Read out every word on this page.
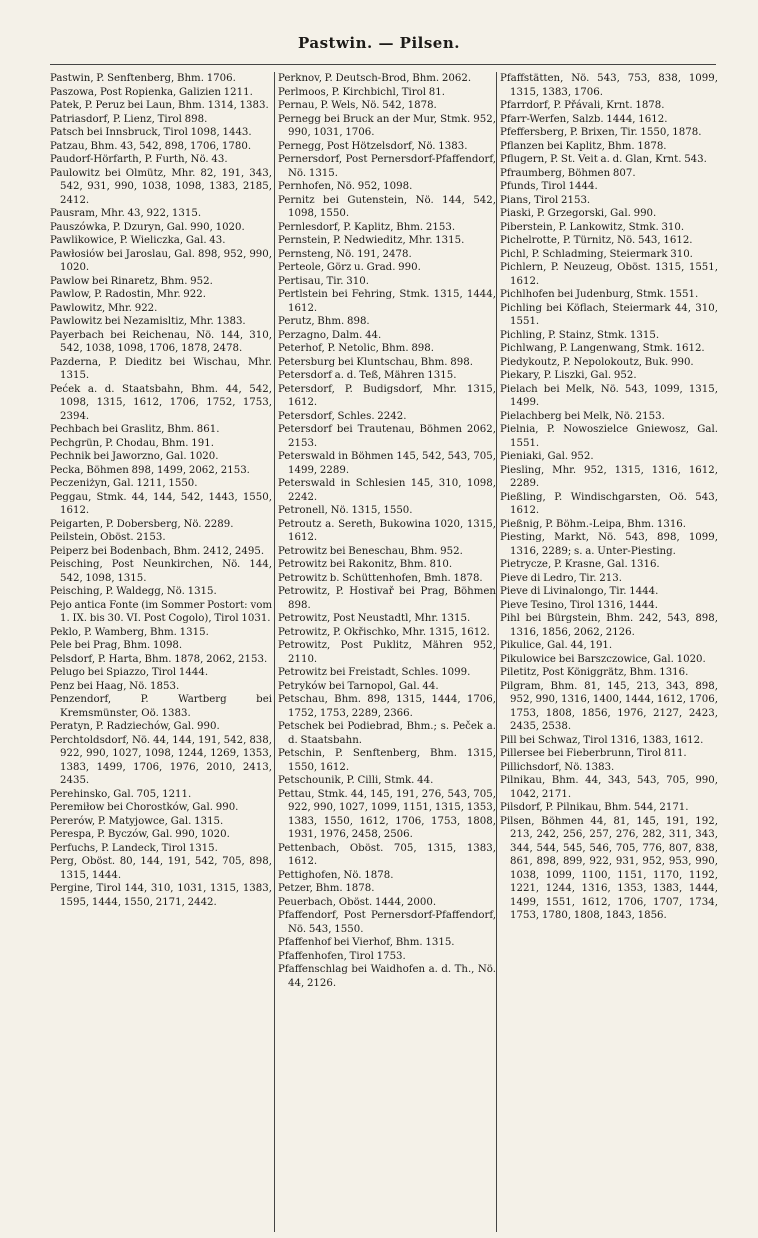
Pastwin. — Pilsen.

Pastwin, P. Senftenberg, Bhm. 1706.

Paszowa, Post Ropienka, Galizien 1211.

Patek, P. Peruz bei Laun, Bhm. 1314, 1383.

Patriasdorf, P. Lienz, Tirol 898.

Patsch bei Innsbruck, Tirol 1098, 1443.

Patzau, Bhm. 43, 542, 898, 1706, 1780.

Paudorf-Hörfarth, P. Furth, Nö. 43.

Paulowitz bei Olmütz, Mhr. 82, 191, 343, 542, 931, 990, 1038, 1098, 1383, 2185, 2412.

Pausram, Mhr. 43, 922, 1315.

Pauszówka, P. Dzuryn, Gal. 990, 1020.

Pawlikowice, P. Wieliczka, Gal. 43.

Pawłosiów bei Jaroslau, Gal. 898, 952, 990, 1020.

Pawlow bei Rinaretz, Bhm. 952.

Pawlow, P. Radostin, Mhr. 922.

Pawlowitz, Mhr. 922.

Pawlowitz bei Nezamisltiz, Mhr. 1383.

Payerbach bei Reichenau, Nö. 144, 310, 542, 1038, 1098, 1706, 1878, 2478.

Pazderna, P. Dieditz bei Wischau, Mhr. 1315.

Pećek a. d. Staatsbahn, Bhm. 44, 542, 1098, 1315, 1612, 1706, 1752, 1753, 2394.

Pechbach bei Graslitz, Bhm. 861.

Pechgrün, P. Chodau, Bhm. 191.

Pechnik bei Jaworzno, Gal. 1020.

Pecka, Böhmen 898, 1499, 2062, 2153.

Peczeniżyn, Gal. 1211, 1550.

Peggau, Stmk. 44, 144, 542, 1443, 1550, 1612.

Peigarten, P. Dobersberg, Nö. 2289.

Peilstein, Oböst. 2153.

Peiperz bei Bodenbach, Bhm. 2412, 2495.

Peisching, Post Neunkirchen, Nö. 144, 542, 1098, 1315.

Peisching, P. Waldegg, Nö. 1315.

Pejo antica Fonte (im Sommer Postort: vom 1. IX. bis 30. VI. Post Cogolo), Tirol 1031.

Peklo, P. Wamberg, Bhm. 1315.

Pele bei Prag, Bhm. 1098.

Pelsdorf, P. Harta, Bhm. 1878, 2062, 2153.

Pelugo bei Spiazzo, Tirol 1444.

Penz bei Haag, Nö. 1853.

Penzendorf, P. Wartberg bei Kremsmünster, Oö. 1383.

Peratyn, P. Radziechów, Gal. 990.

Perchtoldsdorf, Nö. 44, 144, 191, 542, 838, 922, 990, 1027, 1098, 1244, 1269, 1353, 1383, 1499, 1706, 1976, 2010, 2413, 2435.

Perehinsko, Gal. 705, 1211.

Peremiłow bei Chorostków, Gal. 990.

Pererów, P. Matyjowce, Gal. 1315.

Perespa, P. Byczów, Gal. 990, 1020.

Perfuchs, P. Landeck, Tirol 1315.

Perg, Oböst. 80, 144, 191, 542, 705, 898, 1315, 1444.

Pergine, Tirol 144, 310, 1031, 1315, 1383, 1595, 1444, 1550, 2171, 2442.

Perknov, P. Deutsch-Brod, Bhm. 2062.

Perlmoos, P. Kirchbichl, Tirol 81.

Pernau, P. Wels, Nö. 542, 1878.

Pernegg bei Bruck an der Mur, Stmk. 952, 990, 1031, 1706.

Pernegg, Post Hötzelsdorf, Nö. 1383.

Pernersdorf, Post Pernersdorf-Pfaffendorf, Nö. 1315.

Pernhofen, Nö. 952, 1098.

Pernitz bei Gutenstein, Nö. 144, 542, 1098, 1550.

Pernlesdorf, P. Kaplitz, Bhm. 2153.

Pernstein, P. Nedwieditz, Mhr. 1315.

Pernsteng, Nö. 191, 2478.

Perteole, Görz u. Grad. 990.

Pertisau, Tir. 310.

Pertlstein bei Fehring, Stmk. 1315, 1444, 1612.

Perutz, Bhm. 898.

Perzagno, Dalm. 44.

Peterhof, P. Netolic, Bhm. 898.

Petersburg bei Kluntschau, Bhm. 898.

Petersdorf a. d. Teß, Mähren 1315.

Petersdorf, P. Budigsdorf, Mhr. 1315, 1612.

Petersdorf, Schles. 2242.

Petersdorf bei Trautenau, Böhmen 2062, 2153.

Peterswald in Böhmen 145, 542, 543, 705, 1499, 2289.

Peterswald in Schlesien 145, 310, 1098, 2242.

Petronell, Nö. 1315, 1550.

Petroutz a. Sereth, Bukowina 1020, 1315, 1612.

Petrowitz bei Beneschau, Bhm. 952.

Petrowitz bei Rakonitz, Bhm. 810.

Petrowitz b. Schüttenhofen, Bmh. 1878.

Petrowitz, P. Hostivař bei Prag, Böhmen 898.

Petrowitz, Post Neustadtl, Mhr. 1315.

Petrowitz, P. Okřischko, Mhr. 1315, 1612.

Petrowitz, Post Puklitz, Mähren 952, 2110.

Petrowitz bei Freistadt, Schles. 1099.

Petryków bei Tarnopol, Gal. 44.

Petschau, Bhm. 898, 1315, 1444, 1706, 1752, 1753, 2289, 2366.

Petschek bei Podiebrad, Bhm.; s. Peček a. d. Staatsbahn.

Petschin, P. Senftenberg, Bhm. 1315, 1550, 1612.

Petschounik, P. Cilli, Stmk. 44.

Pettau, Stmk. 44, 145, 191, 276, 543, 705, 922, 990, 1027, 1099, 1151, 1315, 1353, 1383, 1550, 1612, 1706, 1753, 1808, 1931, 1976, 2458, 2506.

Pettenbach, Oböst. 705, 1315, 1383, 1612.

Pettighofen, Nö. 1878.

Petzer, Bhm. 1878.

Peuerbach, Oböst. 1444, 2000.

Pfaffendorf, Post Pernersdorf-Pfaffendorf, Nö. 543, 1550.

Pfaffenhof bei Vierhof, Bhm. 1315.

Pfaffenhofen, Tirol 1753.

Pfaffenschlag bei Waidhofen a. d. Th., Nö. 44, 2126.

Pfaffstätten, Nö. 543, 753, 838, 1099, 1315, 1383, 1706.

Pfarrdorf, P. Přávali, Krnt. 1878.

Pfarr-Werfen, Salzb. 1444, 1612.

Pfeffersberg, P. Brixen, Tir. 1550, 1878.

Pflanzen bei Kaplitz, Bhm. 1878.

Pflugern, P. St. Veit a. d. Glan, Krnt. 543.

Pfraumberg, Böhmen 807.

Pfunds, Tirol 1444.

Pians, Tirol 2153.

Piaski, P. Grzegorski, Gal. 990.

Piberstein, P. Lankowitz, Stmk. 310.

Pichelrotte, P. Türnitz, Nö. 543, 1612.

Pichl, P. Schladming, Steiermark 310.

Pichlern, P. Neuzeug, Oböst. 1315, 1551, 1612.

Pichlhofen bei Judenburg, Stmk. 1551.

Pichling bei Köflach, Steiermark 44, 310, 1551.

Pichling, P. Stainz, Stmk. 1315.

Pichlwang, P. Langenwang, Stmk. 1612.

Piedykoutz, P. Nepolokoutz, Buk. 990.

Piekary, P. Liszki, Gal. 952.

Pielach bei Melk, Nö. 543, 1099, 1315, 1499.

Pielachberg bei Melk, Nö. 2153.

Pielnia, P. Nowoszielce Gniewosz, Gal. 1551.

Pieniaki, Gal. 952.

Piesling, Mhr. 952, 1315, 1316, 1612, 2289.

Pießling, P. Windischgarsten, Oö. 543, 1612.

Pießnig, P. Böhm.-Leipa, Bhm. 1316.

Piesting, Markt, Nö. 543, 898, 1099, 1316, 2289; s. a. Unter-Piesting.

Pietrycze, P. Krasne, Gal. 1316.

Pieve di Ledro, Tir. 213.

Pieve di Livinalongo, Tir. 1444.

Pieve Tesino, Tirol 1316, 1444.

Pihl bei Bürgstein, Bhm. 242, 543, 898, 1316, 1856, 2062, 2126.

Pikulice, Gal. 44, 191.

Pikulowice bei Barszczowice, Gal. 1020.

Piletitz, Post Königgrätz, Bhm. 1316.

Pilgram, Bhm. 81, 145, 213, 343, 898, 952, 990, 1316, 1400, 1444, 1612, 1706, 1753, 1808, 1856, 1976, 2127, 2423, 2435, 2538.

Pill bei Schwaz, Tirol 1316, 1383, 1612.

Pillersee bei Fieberbrunn, Tirol 811.

Pillichsdorf, Nö. 1383.

Pilnikau, Bhm. 44, 343, 543, 705, 990, 1042, 2171.

Pilsdorf, P. Pilnikau, Bhm. 544, 2171.

Pilsen, Böhmen 44, 81, 145, 191, 192, 213, 242, 256, 257, 276, 282, 311, 343, 344, 544, 545, 546, 705, 776, 807, 838, 861, 898, 899, 922, 931, 952, 953, 990, 1038, 1099, 1100, 1151, 1170, 1192, 1221, 1244, 1316, 1353, 1383, 1444, 1499, 1551, 1612, 1706, 1707, 1734, 1753, 1780, 1808, 1843, 1856.
